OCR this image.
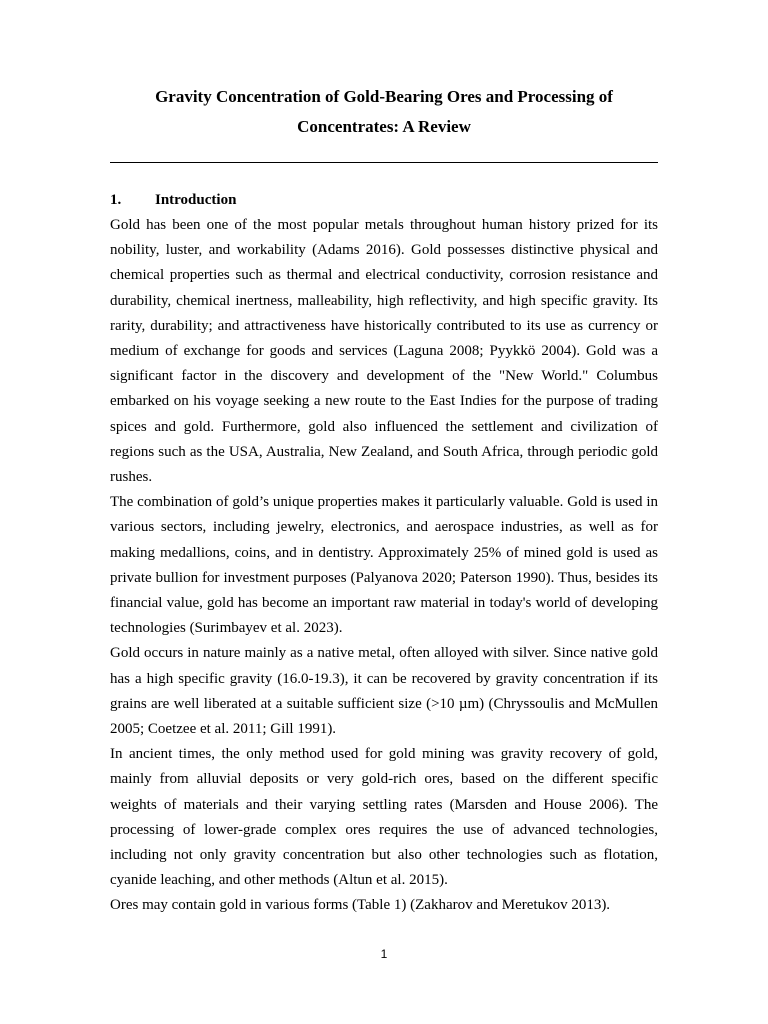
Gravity Concentration of Gold-Bearing Ores and Processing of
Concentrates: A Review
1. Introduction

Gold has been one of the most popular metals throughout human history prized for its nobility, luster, and workability (Adams 2016). Gold possesses distinctive physical and chemical properties such as thermal and electrical conductivity, corrosion resistance and durability, chemical inertness, malleability, high reflectivity, and high specific gravity. Its rarity, durability; and attractiveness have historically contributed to its use as currency or medium of exchange for goods and services (Laguna 2008; Pyykkö 2004). Gold was a significant factor in the discovery and development of the "New World." Columbus embarked on his voyage seeking a new route to the East Indies for the purpose of trading spices and gold. Furthermore, gold also influenced the settlement and civilization of regions such as the USA, Australia, New Zealand, and South Africa, through periodic gold rushes.

The combination of gold’s unique properties makes it particularly valuable. Gold is used in various sectors, including jewelry, electronics, and aerospace industries, as well as for making medallions, coins, and in dentistry. Approximately 25% of mined gold is used as private bullion for investment purposes (Palyanova 2020; Paterson 1990). Thus, besides its financial value, gold has become an important raw material in today's world of developing technologies (Surimbayev et al. 2023).

Gold occurs in nature mainly as a native metal, often alloyed with silver. Since native gold has a high specific gravity (16.0-19.3), it can be recovered by gravity concentration if its grains are well liberated at a suitable sufficient size (>10 µm) (Chryssoulis and McMullen 2005; Coetzee et al. 2011; Gill 1991).

In ancient times, the only method used for gold mining was gravity recovery of gold, mainly from alluvial deposits or very gold-rich ores, based on the different specific weights of materials and their varying settling rates (Marsden and House 2006). The processing of lower-grade complex ores requires the use of advanced technologies, including not only gravity concentration but also other technologies such as flotation, cyanide leaching, and other methods (Altun et al. 2015).

Ores may contain gold in various forms (Table 1) (Zakharov and Meretukov 2013).

1
